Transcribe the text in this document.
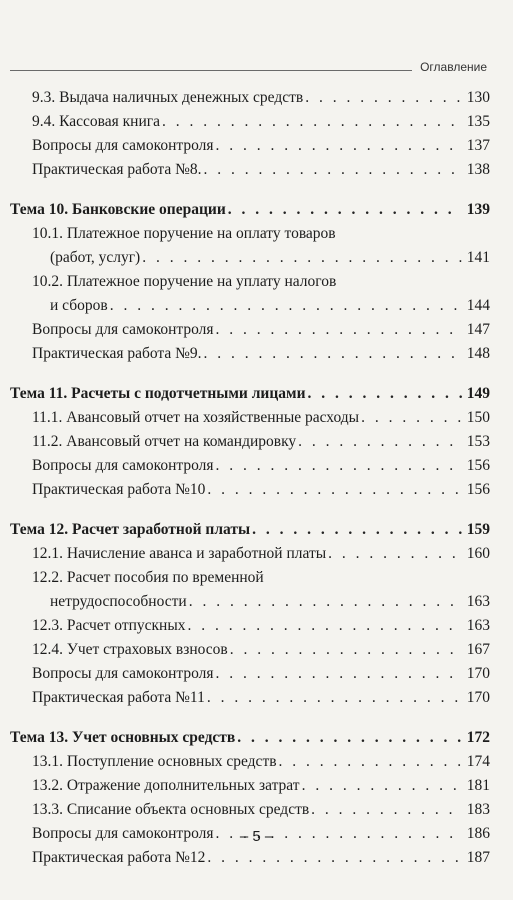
Оглавление
9.3. Выдача наличных денежных средств . . .	130
9.4. Кассовая книга . . .	135
Вопросы для самоконтроля . . .	137
Практическая работа №8. . . .	138
Тема 10. Банковские операции . . .	139
10.1. Платежное поручение на оплату товаров
(работ, услуг) . . .	141
10.2. Платежное поручение на уплату налогов
и сборов . . .	144
Вопросы для самоконтроля . . .	147
Практическая работа №9. . . .	148
Тема 11. Расчеты с подотчетными лицами . . .	149
11.1. Авансовый отчет на хозяйственные расходы . . .	150
11.2. Авансовый отчет на командировку . . .	153
Вопросы для самоконтроля . . .	156
Практическая работа №10 . . .	156
Тема 12. Расчет заработной платы . . .	159
12.1. Начисление аванса и заработной платы . . .	160
12.2. Расчет пособия по временной
нетрудоспособности . . .	163
12.3. Расчет отпускных . . .	163
12.4. Учет страховых взносов . . .	167
Вопросы для самоконтроля . . .	170
Практическая работа №11 . . .	170
Тема 13. Учет основных средств . . .	172
13.1. Поступление основных средств . . .	174
13.2. Отражение дополнительных затрат . . .	181
13.3. Списание объекта основных средств . . .	183
Вопросы для самоконтроля . . .	186
Практическая работа №12 . . .	187
– 5 –
